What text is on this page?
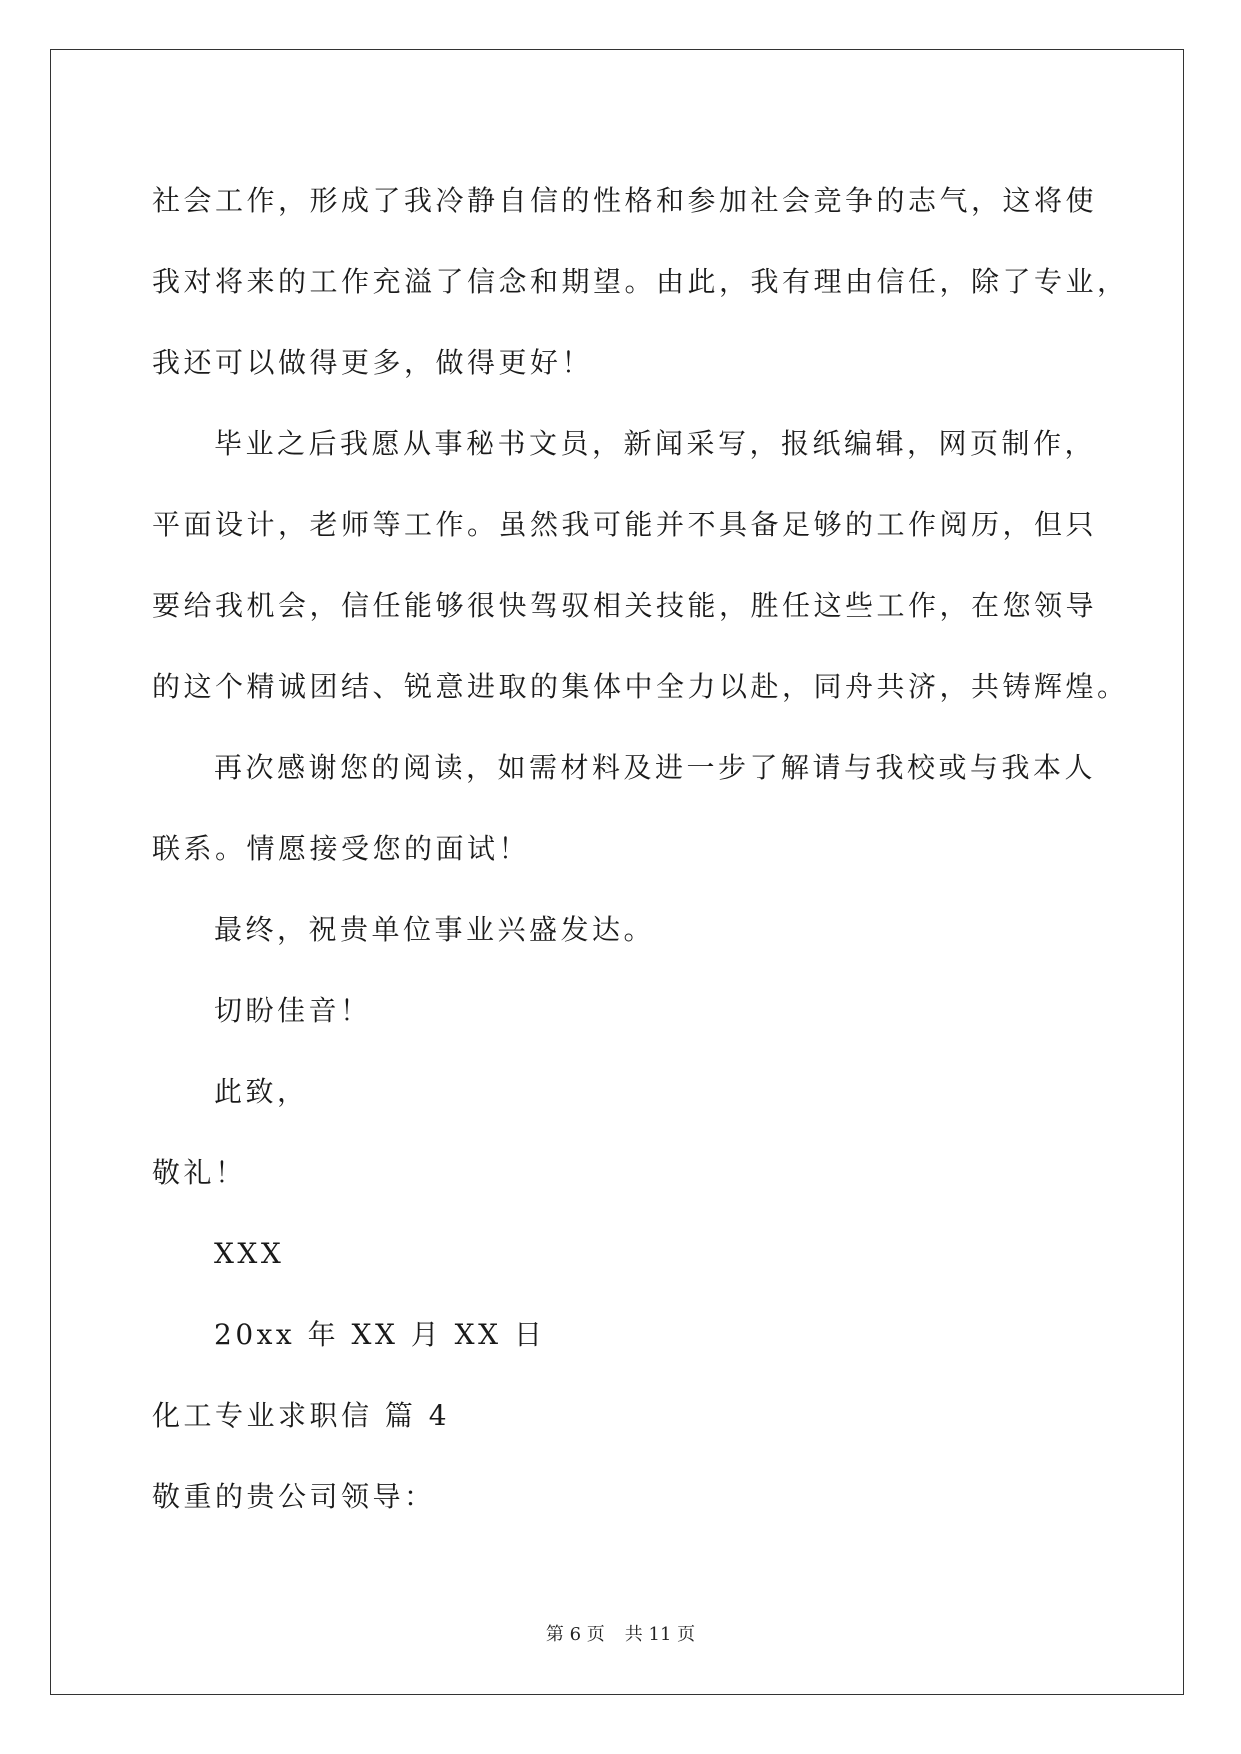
社会工作，形成了我冷静自信的性格和参加社会竞争的志气，这将使
我对将来的工作充溢了信念和期望。由此，我有理由信任，除了专业，
我还可以做得更多，做得更好！
毕业之后我愿从事秘书文员，新闻采写，报纸编辑，网页制作，
平面设计，老师等工作。虽然我可能并不具备足够的工作阅历，但只
要给我机会，信任能够很快驾驭相关技能，胜任这些工作，在您领导
的这个精诚团结、锐意进取的集体中全力以赴，同舟共济，共铸辉煌。
再次感谢您的阅读，如需材料及进一步了解请与我校或与我本人
联系。情愿接受您的面试！
最终，祝贵单位事业兴盛发达。
切盼佳音！
此致，
敬礼！
XXX
20xx 年 XX 月 XX 日
化工专业求职信 篇 4
敬重的贵公司领导：
第 6 页 共 11 页
